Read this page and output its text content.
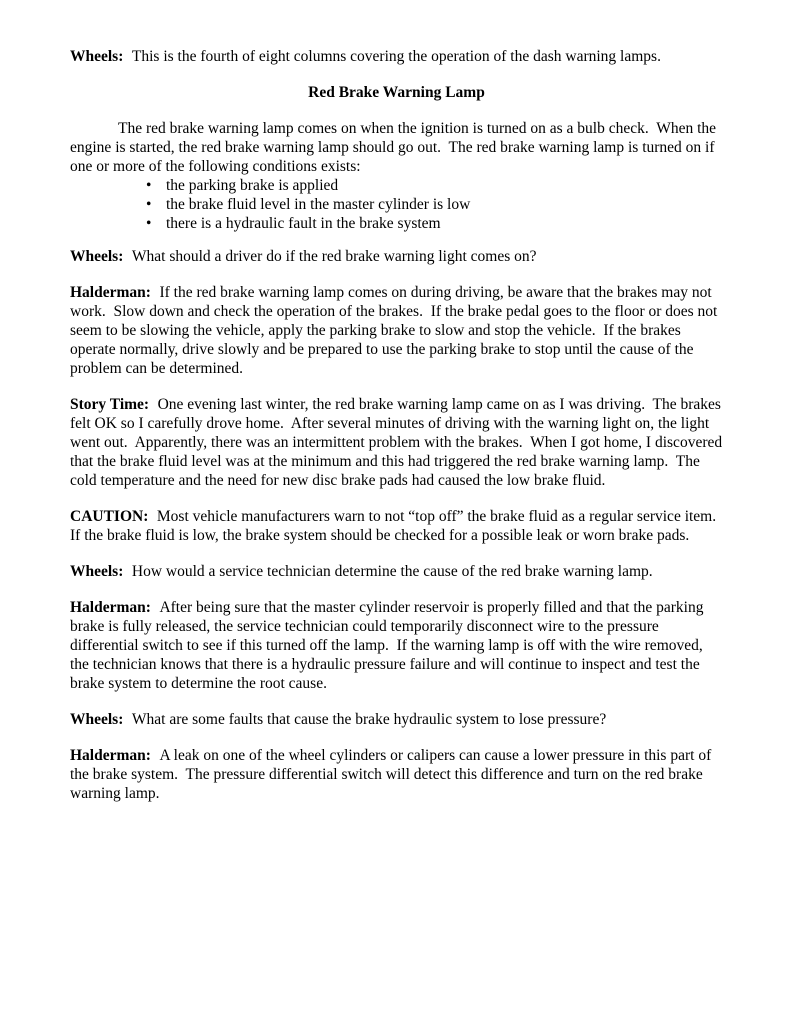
Wheels: This is the fourth of eight columns covering the operation of the dash warning lamps.

Red Brake Warning Lamp

The red brake warning lamp comes on when the ignition is turned on as a bulb check.  When the engine is started, the red brake warning lamp should go out.  The red brake warning lamp is turned on if one or more of the following conditions exists:

• the parking brake is applied
• the brake fluid level in the master cylinder is low
• there is a hydraulic fault in the brake system

Wheels: What should a driver do if the red brake warning light comes on?

Halderman: If the red brake warning lamp comes on during driving, be aware that the brakes may not work.  Slow down and check the operation of the brakes.  If the brake pedal goes to the floor or does not seem to be slowing the vehicle, apply the parking brake to slow and stop the vehicle.  If the brakes operate normally, drive slowly and be prepared to use the parking brake to stop until the cause of the problem can be determined.

Story Time: One evening last winter, the red brake warning lamp came on as I was driving.  The brakes felt OK so I carefully drove home.  After several minutes of driving with the warning light on, the light went out.  Apparently, there was an intermittent problem with the brakes.  When I got home, I discovered that the brake fluid level was at the minimum and this had triggered the red brake warning lamp.  The cold temperature and the need for new disc brake pads had caused the low brake fluid.

CAUTION: Most vehicle manufacturers warn to not “top off” the brake fluid as a regular service item.  If the brake fluid is low, the brake system should be checked for a possible leak or worn brake pads.

Wheels: How would a service technician determine the cause of the red brake warning lamp.

Halderman: After being sure that the master cylinder reservoir is properly filled and that the parking brake is fully released, the service technician could temporarily disconnect wire to the pressure differential switch to see if this turned off the lamp.  If the warning lamp is off with the wire removed, the technician knows that there is a hydraulic pressure failure and will continue to inspect and test the brake system to determine the root cause.

Wheels: What are some faults that cause the brake hydraulic system to lose pressure?

Halderman: A leak on one of the wheel cylinders or calipers can cause a lower pressure in this part of the brake system.  The pressure differential switch will detect this difference and turn on the red brake warning lamp.
